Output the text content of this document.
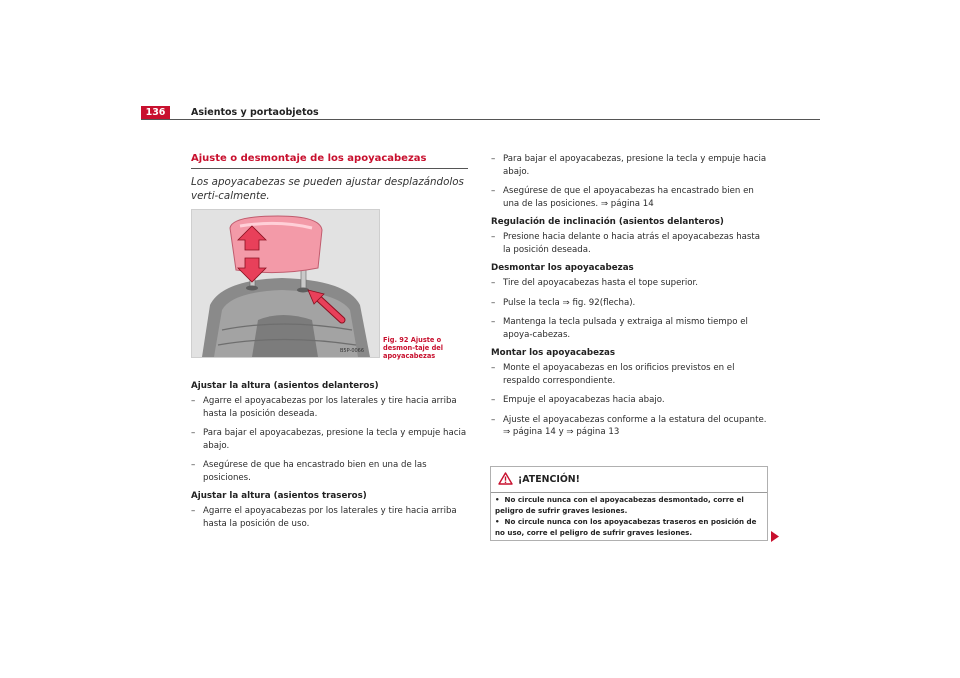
136	Asientos y portaobjetos
Ajuste o desmontaje de los apoyacabezas
Los apoyacabezas se pueden ajustar desplazándolos verti-calmente.
B5P-0066
Fig. 92 Ajuste o desmon-taje del apoyacabezas
Ajustar la altura (asientos delanteros)
– Agarre el apoyacabezas por los laterales y tire hacia arriba hasta la posición deseada.
– Para bajar el apoyacabezas, presione la tecla y empuje hacia abajo.
– Asegúrese de que ha encastrado bien en una de las posiciones.
Ajustar la altura (asientos traseros)
– Agarre el apoyacabezas por los laterales y tire hacia arriba hasta la posición de uso.
– Para bajar el apoyacabezas, presione la tecla y empuje hacia abajo.
– Asegúrese de que el apoyacabezas ha encastrado bien en una de las posiciones. ⇒ página 14
Regulación de inclinación (asientos delanteros)
– Presione hacia delante o hacia atrás el apoyacabezas hasta la posición deseada.
Desmontar los apoyacabezas
– Tire del apoyacabezas hasta el tope superior.
– Pulse la tecla ⇒ fig. 92(flecha).
– Mantenga la tecla pulsada y extraiga al mismo tiempo el apoya-cabezas.
Montar los apoyacabezas
– Monte el apoyacabezas en los orificios previstos en el respaldo correspondiente.
– Empuje el apoyacabezas hacia abajo.
– Ajuste el apoyacabezas conforme a la estatura del ocupante. ⇒ página 14 y ⇒ página 13
¡ATENCIÓN!
• No circule nunca con el apoyacabezas desmontado, corre el peligro de sufrir graves lesiones.
• No circule nunca con los apoyacabezas traseros en posición de no uso, corre el peligro de sufrir graves lesiones.
